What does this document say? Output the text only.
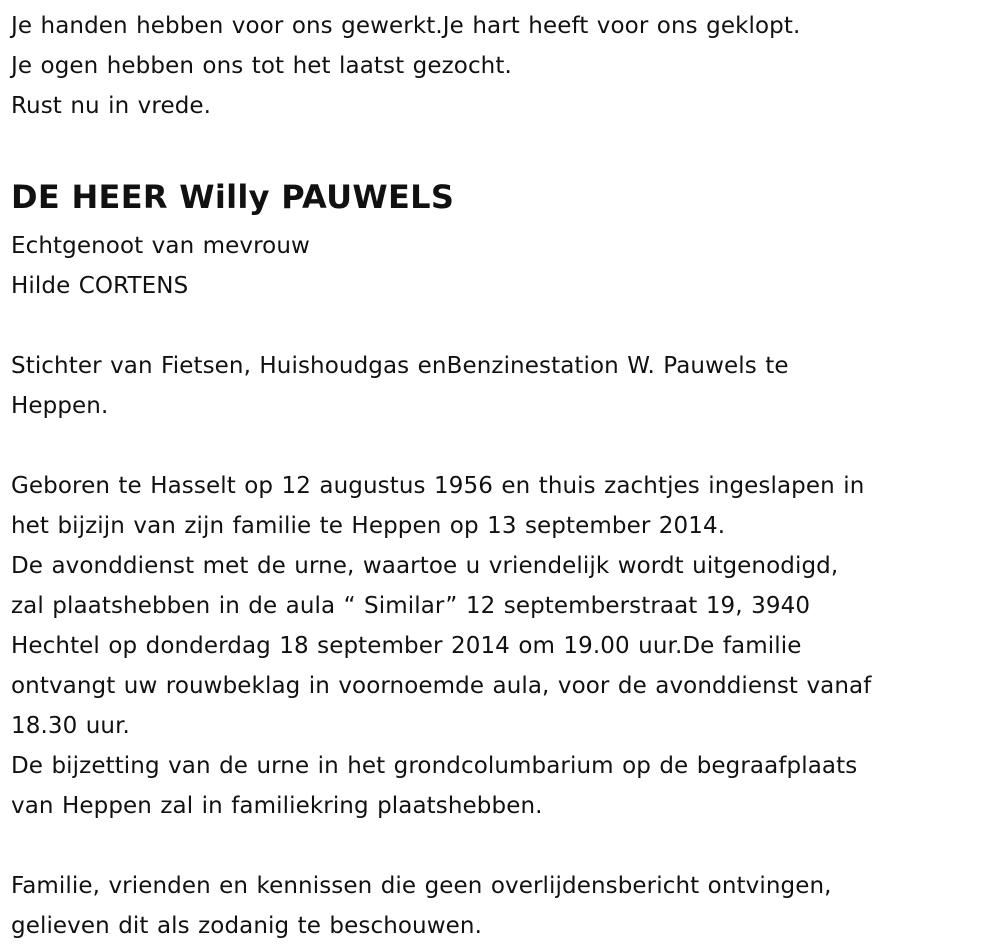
Je handen hebben voor ons gewerkt.Je hart heeft voor ons geklopt.
Je ogen hebben ons tot het laatst gezocht.
Rust nu in vrede.
DE HEER Willy PAUWELS
Echtgenoot van mevrouw
Hilde CORTENS
Stichter van Fietsen, Huishoudgas enBenzinestation W. Pauwels te
Heppen.
Geboren te Hasselt op 12 augustus 1956 en thuis zachtjes ingeslapen in
het bijzijn van zijn familie te Heppen op 13 september 2014.
De avonddienst met de urne, waartoe u vriendelijk wordt uitgenodigd,
zal plaatshebben in de aula “ Similar” 12 septemberstraat 19, 3940
Hechtel op donderdag 18 september 2014 om 19.00 uur.De familie
ontvangt uw rouwbeklag in voornoemde aula, voor de avonddienst vanaf
18.30 uur.
De bijzetting van de urne in het grondcolumbarium op de begraafplaats
van Heppen zal in familiekring plaatshebben.
Familie, vrienden en kennissen die geen overlijdensbericht ontvingen,
gelieven dit als zodanig te beschouwen.
